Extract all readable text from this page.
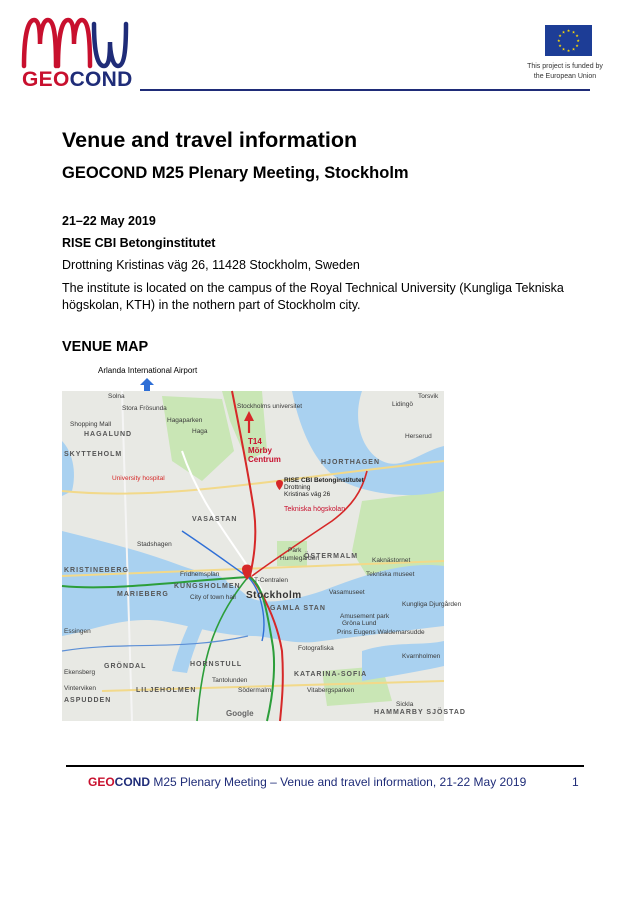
GEOCOND
★ ★
★
★
★
★
★
★
★
★
★
★
This project is funded by
the European Union
Venue and travel information
GEOCOND M25 Plenary Meeting, Stockholm
21–22 May 2019
RISE CBI Betonginstitutet
Drottning Kristinas väg 26, 11428 Stockholm, Sweden
The institute is located on the campus of the Royal Technical University (Kungliga Tekniska högskolan, KTH) in the nothern part of Stockholm city.
VENUE MAP
Arlanda International Airport
Solna
Stora Frösunda
Hagaparken
Haga
Shopping Mall
HAGALUND
SKYTTEHOLM
University hospital
Stockholms universitet	Lidingö
Torsvik
Herserud
HJORTHAGEN
T14
Mörby
Centrum
RISE CBI Betonginstitutet
Drottning
Kristinas väg 26
Tekniska högskolan
VASASTAN
Stadshagen
KRISTINEBERG
Fridhemsplan
KUNGSHOLMEN
MARIEBERG	City of town hall
T-Centralen
Stockholm
GAMLA STAN
Park
Humlegården
ÖSTERMALM
Kaknästornet
Tekniska museet
Vasamuseet
Amusement park
Gröna Lund
Kungliga Djurgården
Prins Eugens Waldemarsudde
Fotografiska
Kvarnholmen
Essingen
GRÖNDAL
Ekensberg
Vinterviken	LILJEHOLMEN
ASPUDDEN
HORNSTULL
Tantolunden
Södermalm
KATARINA-SOFIA
Vitabergsparken
HAMMARBY SJÖSTAD
Sickla
Google
GEOCOND M25 Plenary Meeting – Venue and travel information, 21-22 May 2019	1
